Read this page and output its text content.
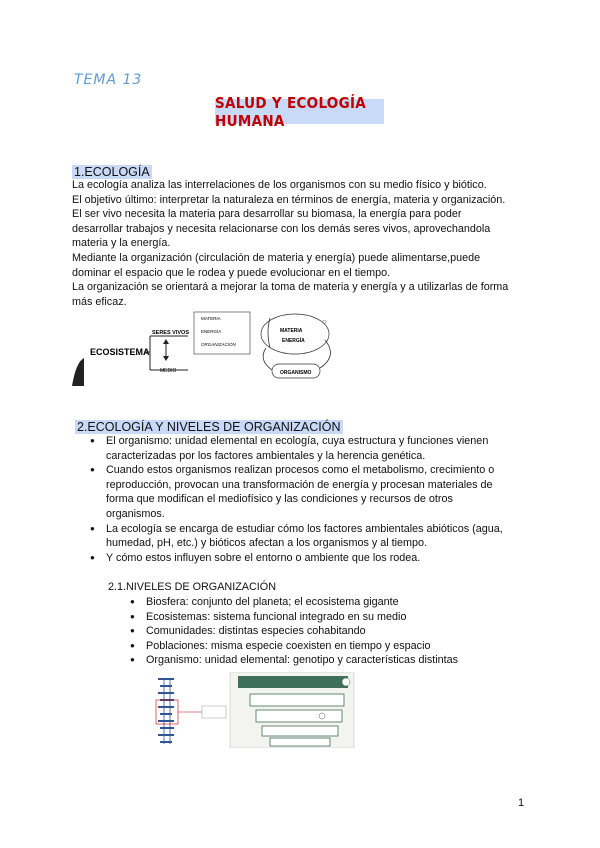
TEMA 13
SALUD Y ECOLOGÍA HUMANA
1.ECOLOGÍA
La ecología analiza las interrelaciones de los organismos con su medio físico y biótico.
El objetivo último: interpretar la naturaleza en términos de energía, materia y organización.
El ser vivo necesita la materia para desarrollar su biomasa, la energía para poder
desarrollar trabajos y necesita relacionarse con los demás seres vivos, aprovechandola
materia y la energía.
Mediante la organización (circulación de materia y energía) puede alimentarse,puede
dominar el espacio que le rodea y puede evolucionar en el tiempo.
La organización se orientará a mejorar la toma de materia y energía y a utilizarlas de forma
más eficaz.
ECOSISTEMA
SERES VIVOS
MEDIO
MATERIA
ENERGÍA
ORGANIZACIÓN
MATERIA
ENERGÍA
ORGANISMO
○
2.ECOLOGÍA Y NIVELES DE ORGANIZACIÓN
● El organismo: unidad elemental en ecología, cuya estructura y funciones vienen
caracterizadas por los factores ambientales y la herencia genética.
● Cuando estos organismos realizan procesos como el metabolismo, crecimiento o
reproducción, provocan una transformación de energía y procesan materiales de
forma que modifican el mediofísico y las condiciones y recursos de otros
organismos.
● La ecología se encarga de estudiar cómo los factores ambientales abióticos (agua,
humedad, pH, etc.) y bióticos afectan a los organismos y al tiempo.
● Y cómo estos influyen sobre el entorno o ambiente que los rodea.
2.1.NIVELES DE ORGANIZACIÓN
● Biosfera: conjunto del planeta; el ecosistema gigante
● Ecosistemas: sistema funcional integrado en su medio
● Comunidades: distintas especies cohabitando
● Poblaciones: misma especie coexisten en tiempo y espacio
● Organismo: unidad elemental: genotipo y características distintas
1
